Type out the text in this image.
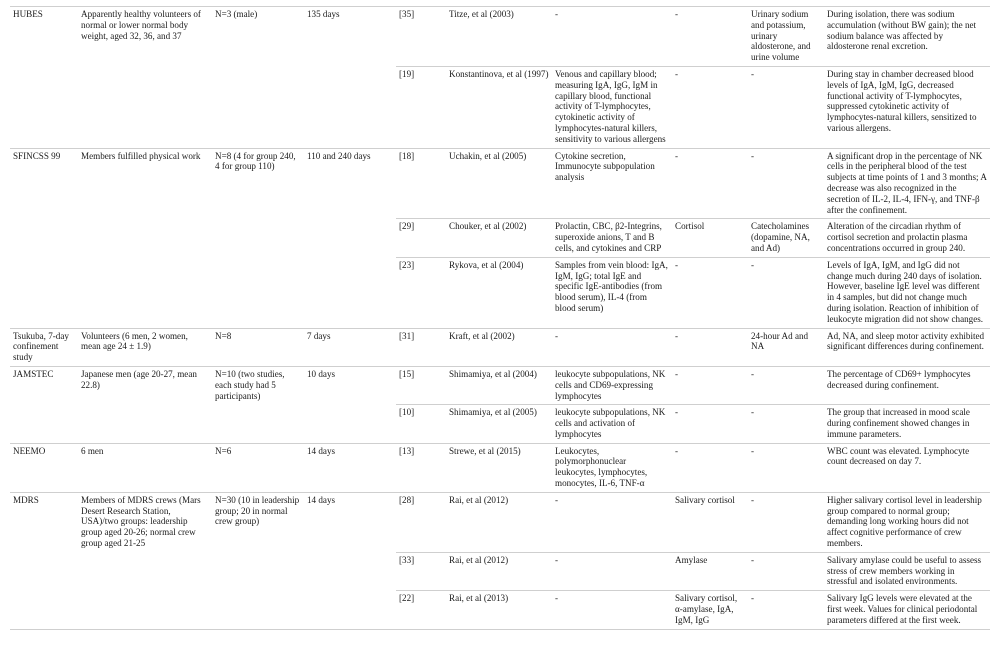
HUBES	Apparently healthy volunteers of normal or lower normal body weight, aged 32, 36, and 37	N=3 (male)	135 days		[35]	Titze, et al (2003)	-	-	Urinary sodium and potassium, urinary aldosterone, and urine volume	During isolation, there was sodium accumulation (without BW gain); the net sodium balance was affected by aldosterone renal excretion.
					[19]	Konstantinova, et al (1997)	Venous and capillary blood; measuring IgA, IgG, IgM in capillary blood, functional activity of T-lymphocytes, cytokinetic activity of lymphocytes-natural killers, sensitivity to various allergens	-	-	During stay in chamber decreased blood levels of IgA, IgM, IgG, decreased functional activity of T-lymphocytes, suppressed cytokinetic activity of lymphocytes-natural killers, sensitized to various allergens.
SFINCSS 99	Members fulfilled physical work	N=8 (4 for group 240, 4 for group 110)	110 and 240 days		[18]	Uchakin, et al (2005)	Cytokine secretion, Immunocyte subpopulation analysis	-	-	A significant drop in the percentage of NK cells in the peripheral blood of the test subjects at time points of 1 and 3 months; A decrease was also recognized in the secretion of IL-2, IL-4, IFN-γ, and TNF-β after the confinement.
					[29]	Chouker, et al (2002)	Prolactin, CBC, β2-Integrins, superoxide anions, T and B cells, and cytokines and CRP	Cortisol	Catecholamines (dopamine, NA, and Ad)	Alteration of the circadian rhythm of cortisol secretion and prolactin plasma concentrations occurred in group 240.
					[23]	Rykova, et al (2004)	Samples from vein blood: IgA, IgM, IgG; total IgE and specific IgE-antibodies (from blood serum), IL-4 (from blood serum)	-	-	Levels of IgA, IgM, and IgG did not change much during 240 days of isolation. However, baseline IgE level was different in 4 samples, but did not change much during isolation. Reaction of inhibition of leukocyte migration did not show changes.
Tsukuba, 7-day confinement study	Volunteers (6 men, 2 women, mean age 24 ± 1.9)	N=8	7 days		[31]	Kraft, et al (2002)	-	-	24-hour Ad and NA	Ad, NA, and sleep motor activity exhibited significant differences during confinement.
JAMSTEC	Japanese men (age 20-27, mean 22.8)	N=10 (two studies, each study had 5 participants)	10 days		[15]	Shimamiya, et al (2004)	leukocyte subpopulations, NK cells and CD69-expressing lymphocytes	-	-	The percentage of CD69+ lymphocytes decreased during confinement.
					[10]	Shimamiya, et al (2005)	leukocyte subpopulations, NK cells and activation of lymphocytes	-	-	The group that increased in mood scale during confinement showed changes in immune parameters.
NEEMO	6 men	N=6	14 days		[13]	Strewe, et al (2015)	Leukocytes, polymorphonuclear leukocytes, lymphocytes, monocytes, IL-6, TNF-α	-	-	WBC count was elevated. Lymphocyte count decreased on day 7.
MDRS	Members of MDRS crews (Mars Desert Research Station, USA)/two groups: leadership group aged 20-26; normal crew group aged 21-25	N=30 (10 in leadership group; 20 in normal crew group)	14 days		[28]	Rai, et al (2012)	-	Salivary cortisol	-	Higher salivary cortisol level in leadership group compared to normal group; demanding long working hours did not affect cognitive performance of crew members.
					[33]	Rai, et al (2012)	-	Amylase	-	Salivary amylase could be useful to assess stress of crew members working in stressful and isolated environments.
					[22]	Rai, et al (2013)	-	Salivary cortisol, α-amylase, IgA, IgM, IgG	-	Salivary IgG levels were elevated at the first week. Values for clinical periodontal parameters differed at the first week.
